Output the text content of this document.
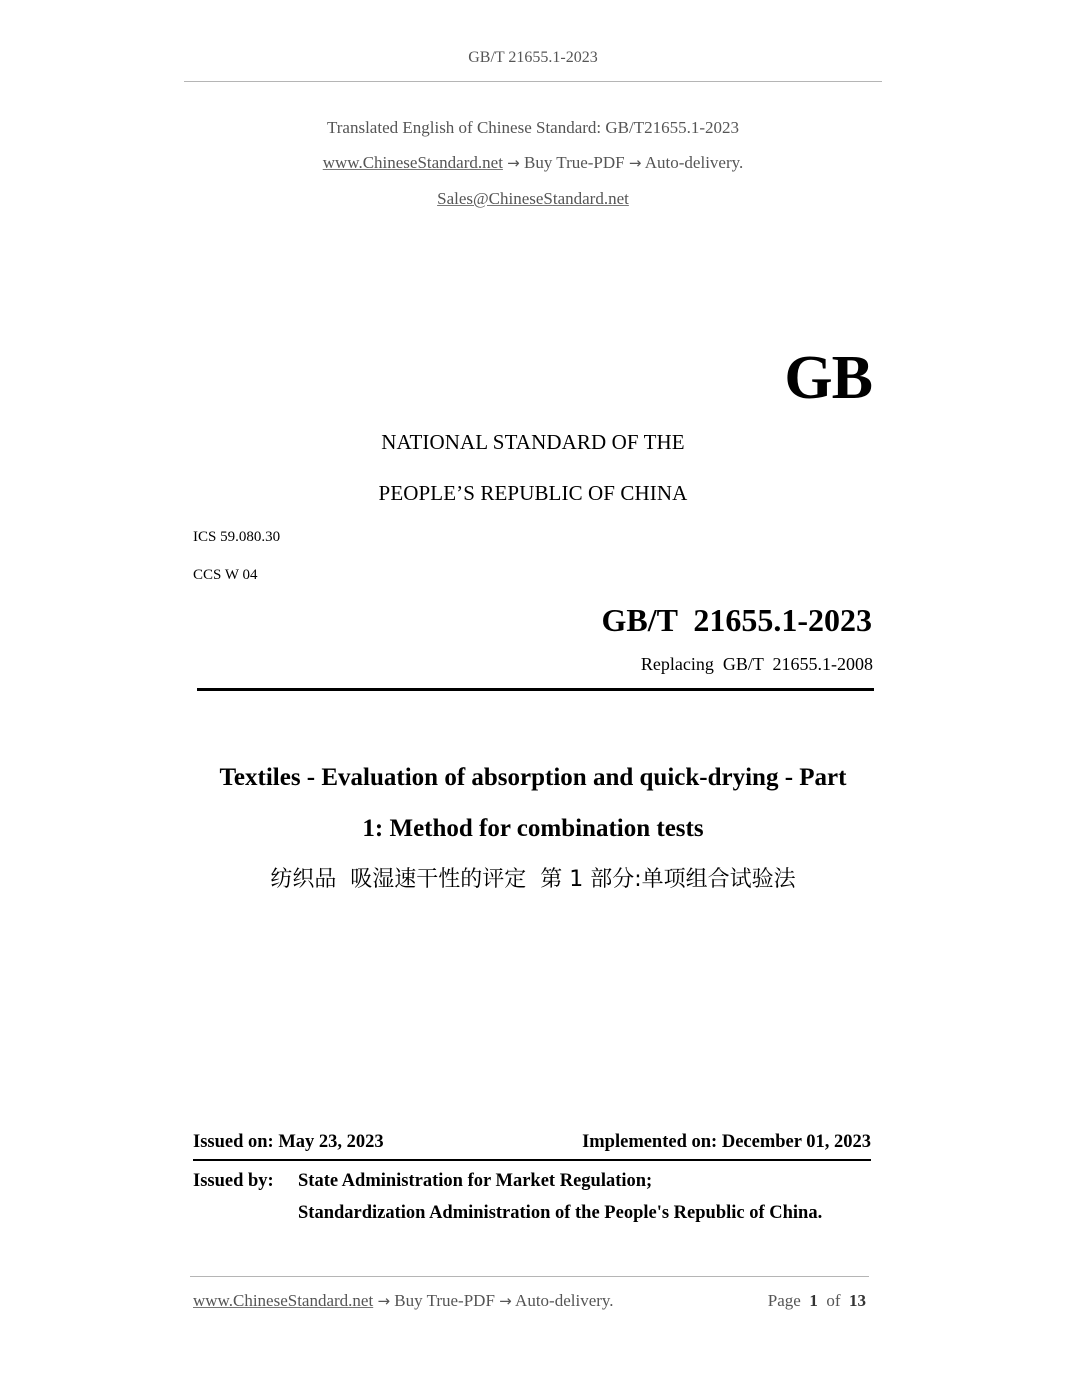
GB/T 21655.1-2023
Translated English of Chinese Standard: GB/T21655.1-2023
www.ChineseStandard.net → Buy True-PDF → Auto-delivery.
Sales@ChineseStandard.net
GB
NATIONAL STANDARD OF THE
PEOPLE’S REPUBLIC OF CHINA
ICS 59.080.30
CCS W 04
GB/T  21655.1-2023
Replacing  GB/T  21655.1-2008
Textiles - Evaluation of absorption and quick-drying - Part
1: Method for combination tests
纺织品  吸湿速干性的评定  第 1 部分:单项组合试验法
Issued on: May 23, 2023	Implemented on: December 01, 2023
Issued by: State Administration for Market Regulation;
Standardization Administration of the People's Republic of China.
www.ChineseStandard.net → Buy True-PDF → Auto-delivery.	Page 1 of 13
